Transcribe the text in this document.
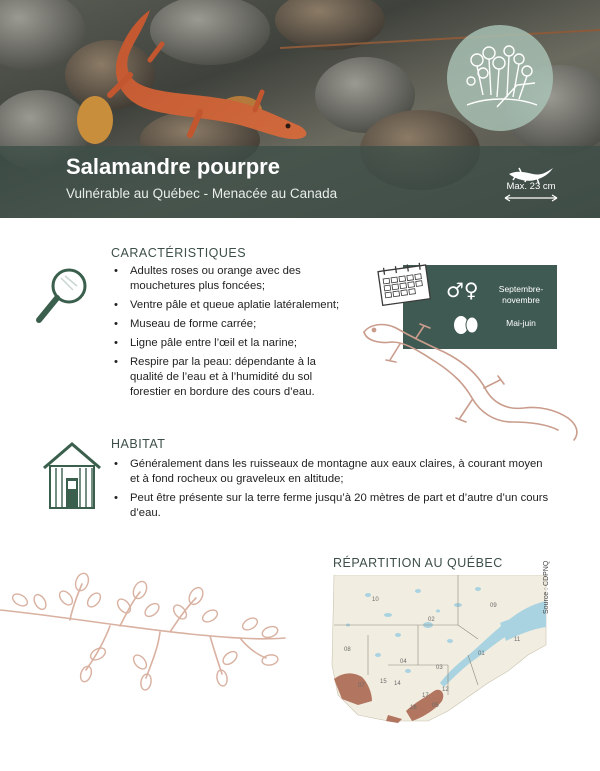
Salamandre pourpre
Vulnérable au Québec - Menacée au Canada	Max. 23 cm
CARACTÉRISTIQUES
• Adultes roses ou orange avec des mouchetures plus foncées;
• Ventre pâle et queue aplatie latéralement;
• Museau de forme carrée;
• Ligne pâle entre l’œil et la narine;
• Respire par la peau: dépendante à la qualité de l’eau et à l’humidité du sol forestier en bordure des cours d’eau.
♂♀	Septembre-novembre
Mai-juin
HABITAT
• Généralement dans les ruisseaux de montagne aux eaux claires, à courant moyen et à fond rocheux ou graveleux en altitude;
• Peut être présente sur la terre ferme jusqu’à 20 mètres de part et d’autre d’un cours d’eau.
RÉPARTITION AU QUÉBEC
10
09
02
11
08
04
01
03
07
15 14
12
17
05
16
Source : CDPNQ
